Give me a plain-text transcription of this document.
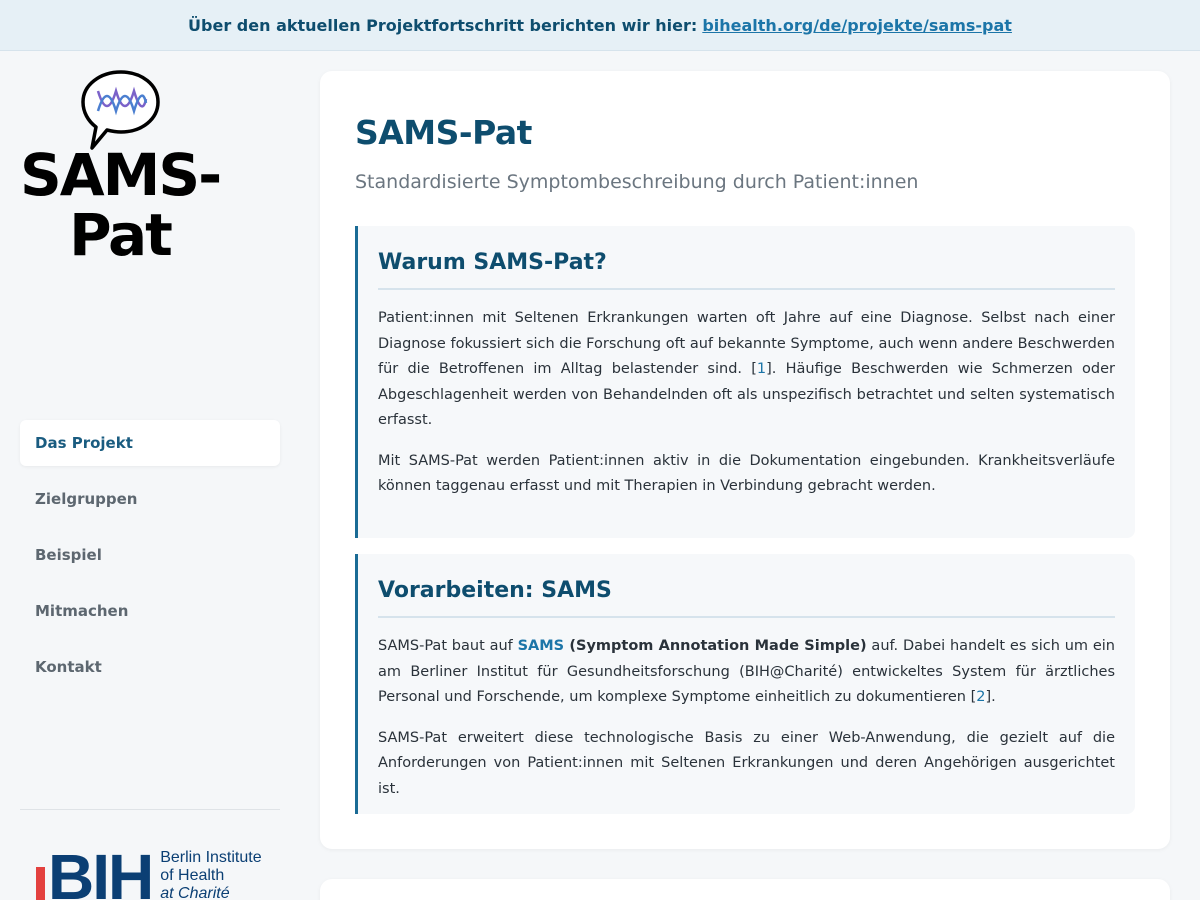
Über den aktuellen Projektfortschritt berichten wir hier: bihealth.org/de/projekte/sams-pat
SAMS-
Pat
Das Projekt
Zielgruppen
Beispiel
Mitmachen
Kontakt
BIH Berlin Institute
of Health
at Charité
SAMS-Pat
Standardisierte Symptombeschreibung durch Patient:innen
Warum SAMS-Pat?

Patient:innen mit Seltenen Erkrankungen warten oft Jahre auf eine Diagnose. Selbst nach einer Diagnose fokussiert sich die Forschung oft auf bekannte Symptome, auch wenn andere Beschwerden für die Betroffenen im Alltag belastender sind. [1]. Häufige Beschwerden wie Schmerzen oder Abgeschlagenheit werden von Behandelnden oft als unspezifisch betrachtet und selten systematisch erfasst.

Mit SAMS-Pat werden Patient:innen aktiv in die Dokumentation eingebunden. Krankheitsverläufe können taggenau erfasst und mit Therapien in Verbindung gebracht werden.

Vorarbeiten: SAMS

SAMS-Pat baut auf SAMS (Symptom Annotation Made Simple) auf. Dabei handelt es sich um ein am Berliner Institut für Gesundheitsforschung (BIH@Charité) entwickeltes System für ärztliches Personal und Forschende, um komplexe Symptome einheitlich zu dokumentieren [2].

SAMS-Pat erweitert diese technologische Basis zu einer Web-Anwendung, die gezielt auf die Anforderungen von Patient:innen mit Seltenen Erkrankungen und deren Angehörigen ausgerichtet ist.
